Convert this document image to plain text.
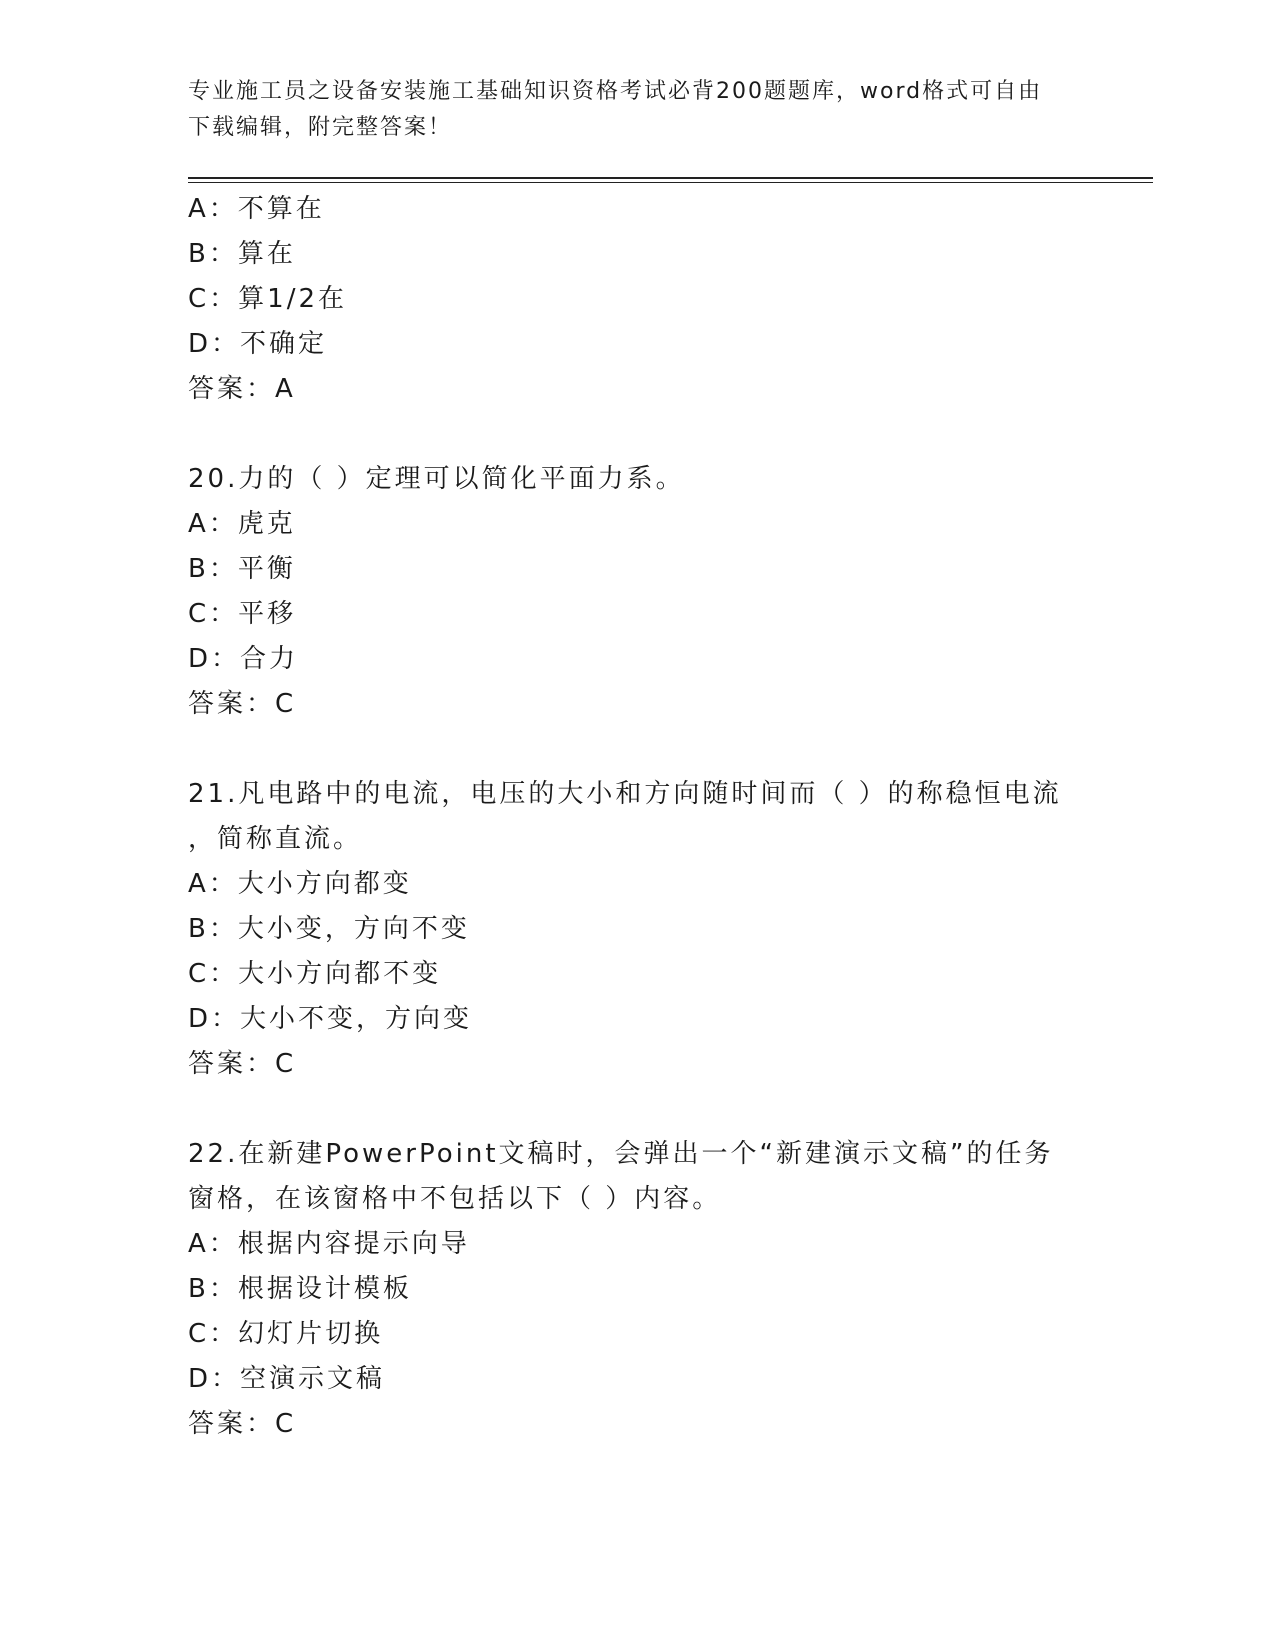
专业施工员之设备安装施工基础知识资格考试必背200题题库，word格式可自由
下载编辑，附完整答案！
A：不算在
B：算在
C：算1/2在
D：不确定
答案：A
20.力的（ ）定理可以简化平面力系。
A：虎克
B：平衡
C：平移
D：合力
答案：C
21.凡电路中的电流，电压的大小和方向随时间而（ ）的称稳恒电流
，简称直流。
A：大小方向都变
B：大小变，方向不变
C：大小方向都不变
D：大小不变，方向变
答案：C
22.在新建PowerPoint文稿时，会弹出一个“新建演示文稿”的任务
窗格，在该窗格中不包括以下（ ）内容。
A：根据内容提示向导
B：根据设计模板
C：幻灯片切换
D：空演示文稿
答案：C
